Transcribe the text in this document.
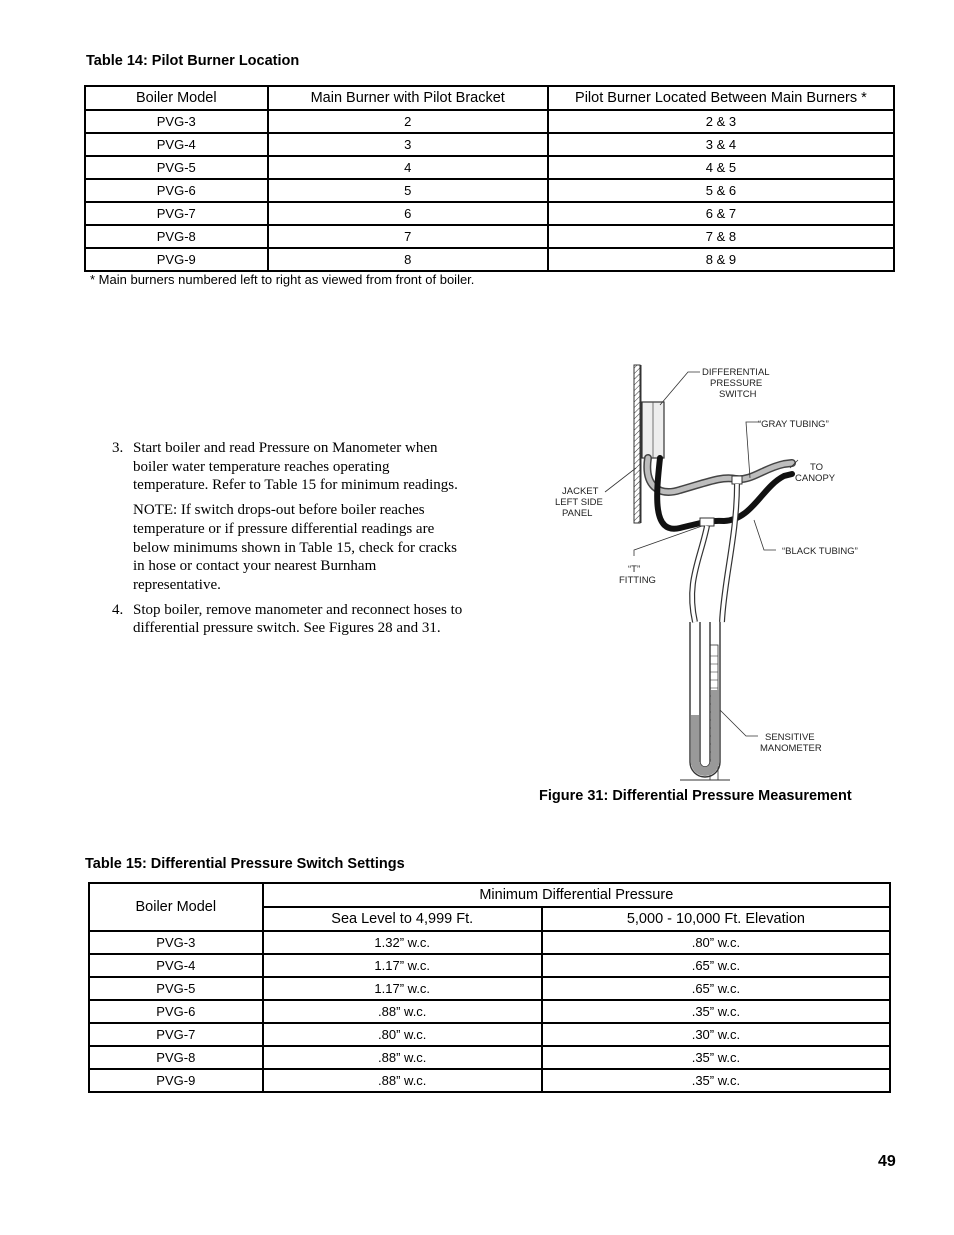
Table 14: Pilot Burner Location
Boiler Model	Main Burner with Pilot Bracket	Pilot Burner Located Between Main Burners *
PVG-3	2	2 & 3
PVG-4	3	3 & 4
PVG-5	4	4 & 5
PVG-6	5	5 & 6
PVG-7	6	6 & 7
PVG-8	7	7 & 8
PVG-9	8	8 & 9
* Main burners numbered left to right as viewed from front of boiler.
3. Start boiler and read Pressure on Manometer when boiler water temperature reaches operating temperature. Refer to Table 15 for minimum readings.

NOTE: If switch drops-out before boiler reaches temperature or if pressure differential readings are below minimums shown in Table 15, check for cracks in hose or contact your nearest Burnham representative.

4. Stop boiler, remove manometer and reconnect hoses to differential pressure switch. See Figures 28 and 31.

DIFFERENTIAL
PRESSURE
SWITCH
“GRAY TUBING”
TO
CANOPY
JACKET
LEFT SIDE
PANEL
“BLACK TUBING”
“T”
FITTING
SENSITIVE
MANOMETER
Figure 31: Differential Pressure Measurement
Table 15: Differential Pressure Switch Settings
Boiler Model	Minimum Differential Pressure	
	Sea Level to 4,999 Ft.	5,000 - 10,000 Ft. Elevation
PVG-3	1.32” w.c.	.80” w.c.
PVG-4	1.17” w.c.	.65” w.c.
PVG-5	1.17” w.c.	.65” w.c.
PVG-6	.88” w.c.	.35” w.c.
PVG-7	.80” w.c.	.30” w.c.
PVG-8	.88” w.c.	.35” w.c.
PVG-9	.88” w.c.	.35” w.c.
49
